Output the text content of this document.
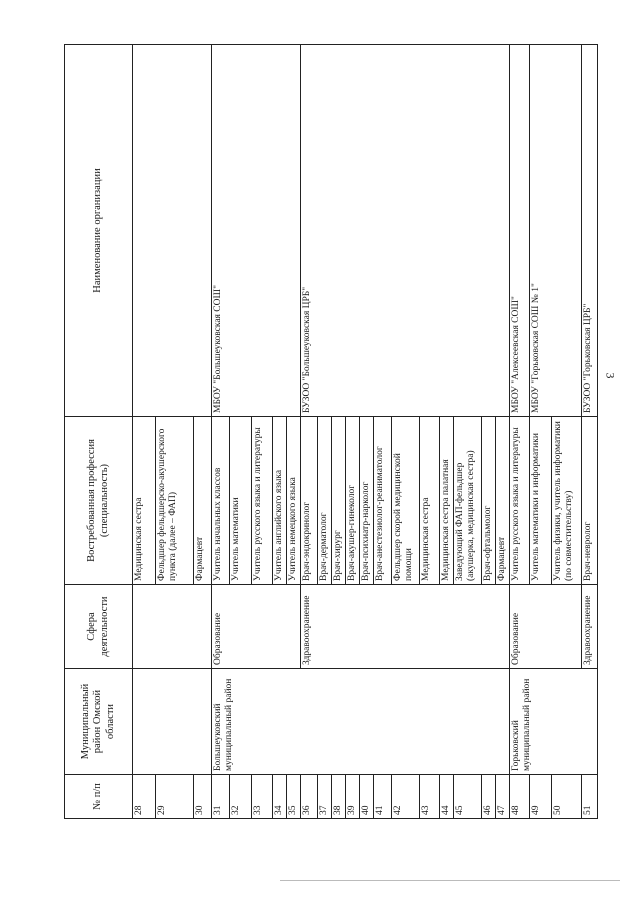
3
№ п/п	Муниципальный район Омской области	Сфера деятельности	Востребованная профессия (специальность)	Наименование организации
28			Медицинская сестра	
29			Фельдшер фельдшерско-акушерского пункта (далее – ФАП)	
30			Фармацевт	
31	Большеуковский муниципальный район	Образование	Учитель начальных классов	МБОУ "Большеуковская СОШ"
32			Учитель математики	
33			Учитель русского языка и литературы	
34			Учитель английского языка	
35			Учитель немецкого языка	
36		Здравоохранение	Врач-эндокринолог	БУЗОО "Большеуковская ЦРБ"
37			Врач-дерматолог	
38			Врач-хирург	
39			Врач-акушер-гинеколог	
40			Врач-психиатр-нарколог	
41			Врач-анестезиолог-реаниматолог	
42			Фельдшер скорой медицинской помощи	
43			Медицинская сестра	
44			Медицинская сестра палатная	
45			Заведующий ФАП-фельдшер (акушерка, медицинская сестра)	
46			Врач-офтальмолог	
47			Фармацевт	
48	Горьковский муниципальный район	Образование	Учитель русского языка и литературы	МБОУ "Алексеевская СОШ"
49			Учитель математики и информатики	МБОУ "Горьковская СОШ № 1"
50			Учитель физики, учитель информатики (по совместительству)	
51		Здравоохранение	Врач-невролог	БУЗОО "Горьковская ЦРБ"
